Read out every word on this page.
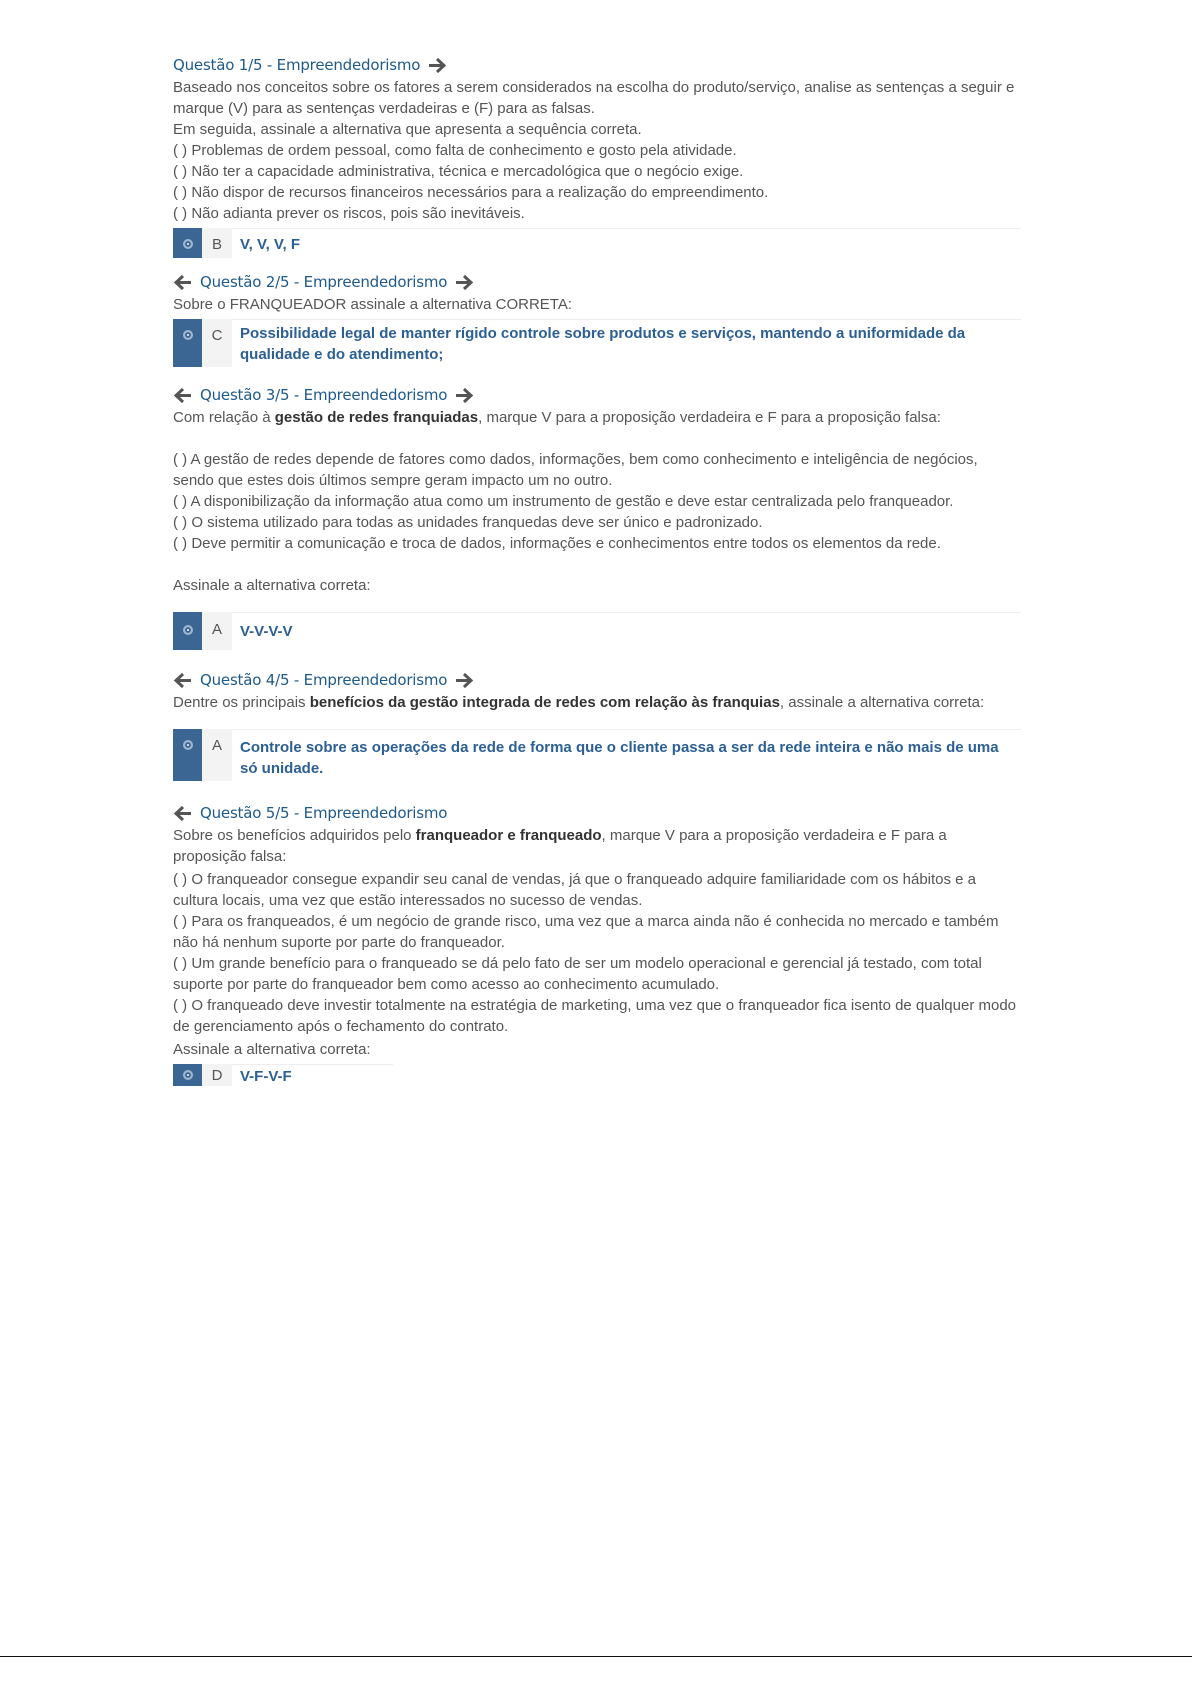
Questão 1/5 - Empreendedorismo

Baseado nos conceitos sobre os fatores a serem considerados na escolha do produto/serviço, analise as sentenças a seguir e

marque (V) para as sentenças verdadeiras e (F) para as falsas.

Em seguida, assinale a alternativa que apresenta a sequência correta.

( ) Problemas de ordem pessoal, como falta de conhecimento e gosto pela atividade.

( ) Não ter a capacidade administrativa, técnica e mercadológica que o negócio exige.

( ) Não dispor de recursos financeiros necessários para a realização do empreendimento.

( ) Não adianta prever os riscos, pois são inevitáveis.

B	V, V, V, F
Questão 2/5 - Empreendedorismo

Sobre o FRANQUEADOR assinale a alternativa CORRETA:

C	Possibilidade legal de manter rígido controle sobre produtos e serviços, mantendo a uniformidade da qualidade e do atendimento;
Questão 3/5 - Empreendedorismo

Com relação à gestão de redes franquiadas, marque V para a proposição verdadeira e F para a proposição falsa:

( ) A gestão de redes depende de fatores como dados, informações, bem como conhecimento e inteligência de negócios,

sendo que estes dois últimos sempre geram impacto um no outro.

( ) A disponibilização da informação atua como um instrumento de gestão e deve estar centralizada pelo franqueador.

( ) O sistema utilizado para todas as unidades franquedas deve ser único e padronizado.

( ) Deve permitir a comunicação e troca de dados, informações e conhecimentos entre todos os elementos da rede.

Assinale a alternativa correta:

A	V-V-V-V
Questão 4/5 - Empreendedorismo

Dentre os principais benefícios da gestão integrada de redes com relação às franquias, assinale a alternativa correta:

A	Controle sobre as operações da rede de forma que o cliente passa a ser da rede inteira e não mais de uma só unidade.
Questão 5/5 - Empreendedorismo

Sobre os benefícios adquiridos pelo franqueador e franqueado, marque V para a proposição verdadeira e F para a

proposição falsa:

( ) O franqueador consegue expandir seu canal de vendas, já que o franqueado adquire familiaridade com os hábitos e a

cultura locais, uma vez que estão interessados no sucesso de vendas.

( ) Para os franqueados, é um negócio de grande risco, uma vez que a marca ainda não é conhecida no mercado e também

não há nenhum suporte por parte do franqueador.

( ) Um grande benefício para o franqueado se dá pelo fato de ser um modelo operacional e gerencial já testado, com total

suporte por parte do franqueador bem como acesso ao conhecimento acumulado.

( ) O franqueado deve investir totalmente na estratégia de marketing, uma vez que o franqueador fica isento de qualquer modo

de gerenciamento após o fechamento do contrato.

Assinale a alternativa correta:

D	V-F-V-F
